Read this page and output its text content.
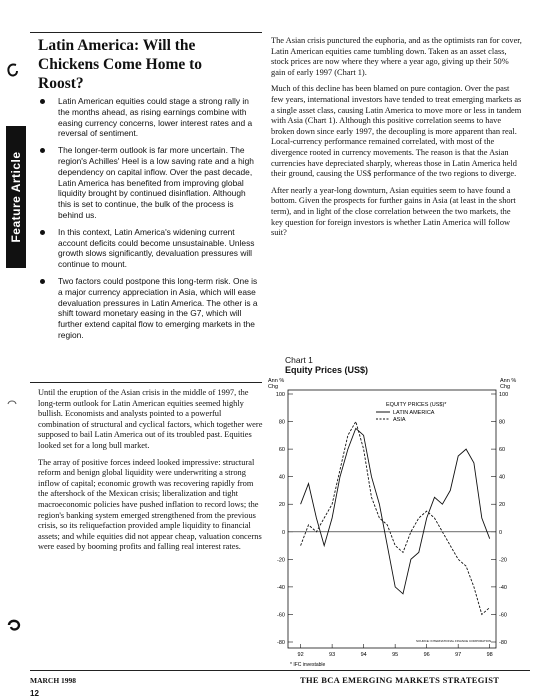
Feature Article
Latin America: Will the Chickens Come Home to Roost?
Latin American equities could stage a strong rally in the months ahead, as rising earnings combine with easing currency concerns, lower interest rates and a reversal of sentiment.
The longer-term outlook is far more uncertain. The region's Achilles' Heel is a low saving rate and a high dependency on capital inflow. Over the past decade, Latin America has benefited from improving global liquidity brought by continued disinflation. Although this is set to continue, the bulk of the process is behind us.
In this context, Latin America's widening current account deficits could become unsustainable. Unless growth slows significantly, devaluation pressures will continue to mount.
Two factors could postpone this long-term risk. One is a major currency appreciation in Asia, which will ease devaluation pressures in Latin America. The other is a shift toward monetary easing in the G7, which will further extend capital flow to emerging markets in the region.

Until the eruption of the Asian crisis in the middle of 1997, the long-term outlook for Latin American equities seemed highly bullish. Economists and analysts pointed to a powerful combination of structural and cyclical factors, which together were supposed to bail Latin America out of its troubled past. Equities looked set for a long bull market.

The array of positive forces indeed looked impressive: structural reform and benign global liquidity were underwriting a strong inflow of capital; economic growth was recovering rapidly from the aftershock of the Mexican crisis; liberalization and tight macroeconomic policies have pushed inflation to record lows; the region's banking system emerged strengthened from the previous crisis, so its reliquefaction provided ample liquidity to financial assets; and while equities did not appear cheap, valuation concerns were eased by booming profits and falling real interest rates.

The Asian crisis punctured the euphoria, and as the optimists ran for cover, Latin American equities came tumbling down. Taken as an asset class, stock prices are now where they where a year ago, giving up their 50% gain of early 1997 (Chart 1).

Much of this decline has been blamed on pure contagion. Over the past few years, international investors have tended to treat emerging markets as a single asset class, causing Latin America to move more or less in tandem with Asia (Chart 1). Although this positive correlation seems to have broken down since early 1997, the decoupling is more apparent than real. Local-currency performance remained correlated, with most of the divergence rooted in currency movements. The reason is that the Asian currencies have depreciated sharply, whereas those in Latin America held their ground, causing the US$ performance of the two regions to diverge.

After nearly a year-long downturn, Asian equities seem to have found a bottom. Given the prospects for further gains in Asia (at least in the short term), and in light of the close correlation between the two markets, the key question for foreign investors is whether Latin America will follow suit?

Chart 1
Equity Prices (US$)
Ann %
Chg
Ann %
Chg
100	100
80	80
60	60
40	40
20	20
0	0
-20	-20
-40	-40
-60	-60
-80	-80
92	93	94	95	96	97	98
EQUITY PRICES (US$)*
LATIN AMERICA
ASIA
SOURCE: INTERNATIONAL FINANCE CORPORATION
* IFC investable
MARCH 1998
12
THE BCA EMERGING MARKETS STRATEGIST
